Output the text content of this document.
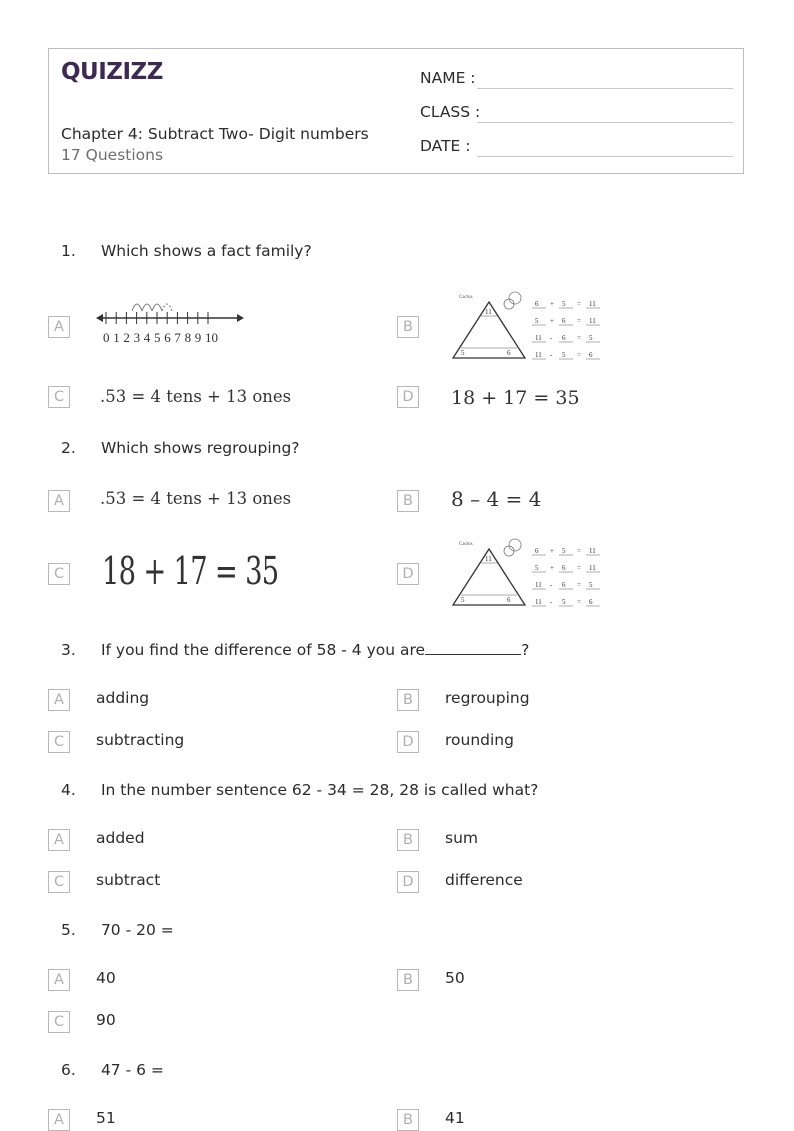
QUIZIZZ
Chapter 4: Subtract Two- Digit numbers
17 Questions
NAME :
CLASS :
DATE :
1. Which shows a fact family?
A
0 1 2 3 4 5 6 7 8 9 10
B
Cactus
11
5	6
6 + 5 = 11
5 + 6 = 11
11 - 6 = 5
11 - 5 = 6
C	.53 = 4 tens + 13 ones	D 18 + 17 = 35
2. Which shows regrouping?
A	.53 = 4 tens + 13 ones	B	8 – 4 = 4
C 18 + 17 = 35	D
Cactus
11
5	6
6 + 5 = 11
5 + 6 = 11
11 - 6 = 5
11 - 5 = 6
3. If you find the difference of 58 - 4 you are	?
A	adding	B	regrouping
C	subtracting	D	rounding
4. In the number sentence 62 - 34 = 28, 28 is called what?
A	added	B	sum
C	subtract	D	difference
5. 70 - 20 =
A	40	B	50
C	90
6. 47 - 6 =
A	51	B	41
